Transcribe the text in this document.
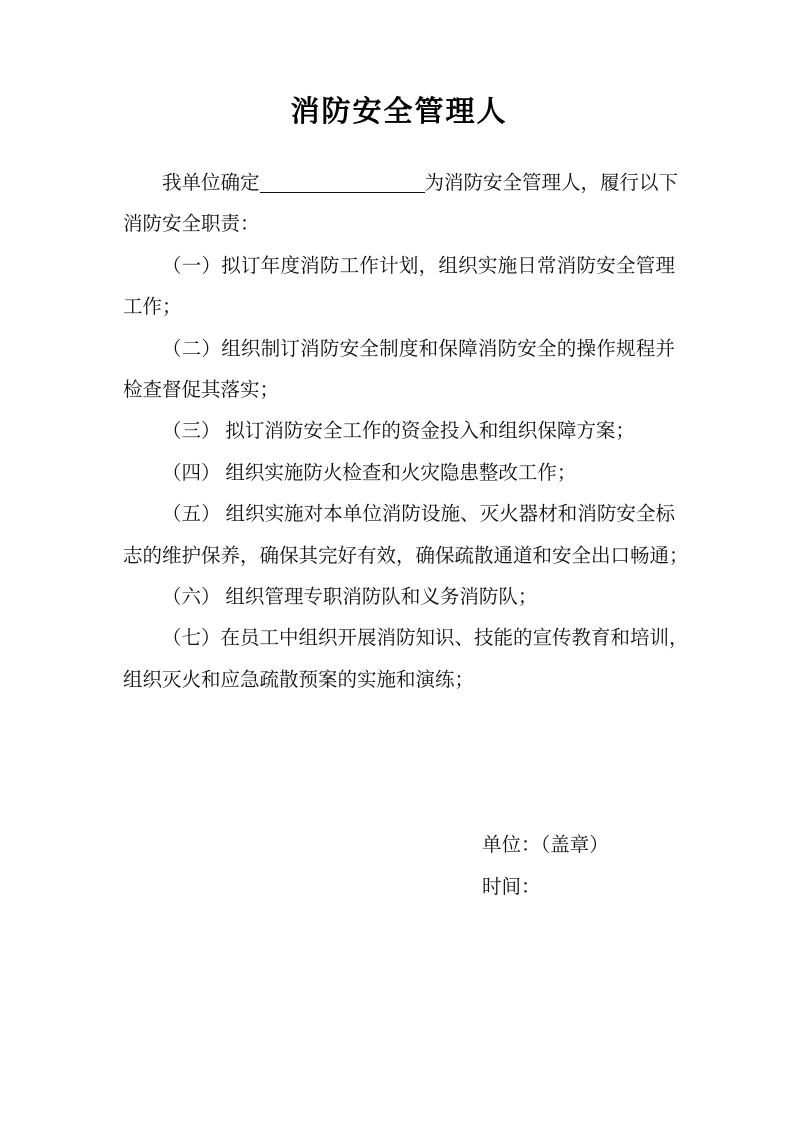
消防安全管理人
我单位确定	为消防安全管理人，履行以下
消防安全职责：
（一）拟订年度消防工作计划，组织实施日常消防安全管理
工作；
（二）组织制订消防安全制度和保障消防安全的操作规程并
检查督促其落实；
（三） 拟订消防安全工作的资金投入和组织保障方案；
（四） 组织实施防火检查和火灾隐患整改工作；
（五） 组织实施对本单位消防设施、灭火器材和消防安全标
志的维护保养，确保其完好有效，确保疏散通道和安全出口畅通；
（六） 组织管理专职消防队和义务消防队；
（七）在员工中组织开展消防知识、技能的宣传教育和培训，
组织灭火和应急疏散预案的实施和演练；
单位：（盖章）
时间：
